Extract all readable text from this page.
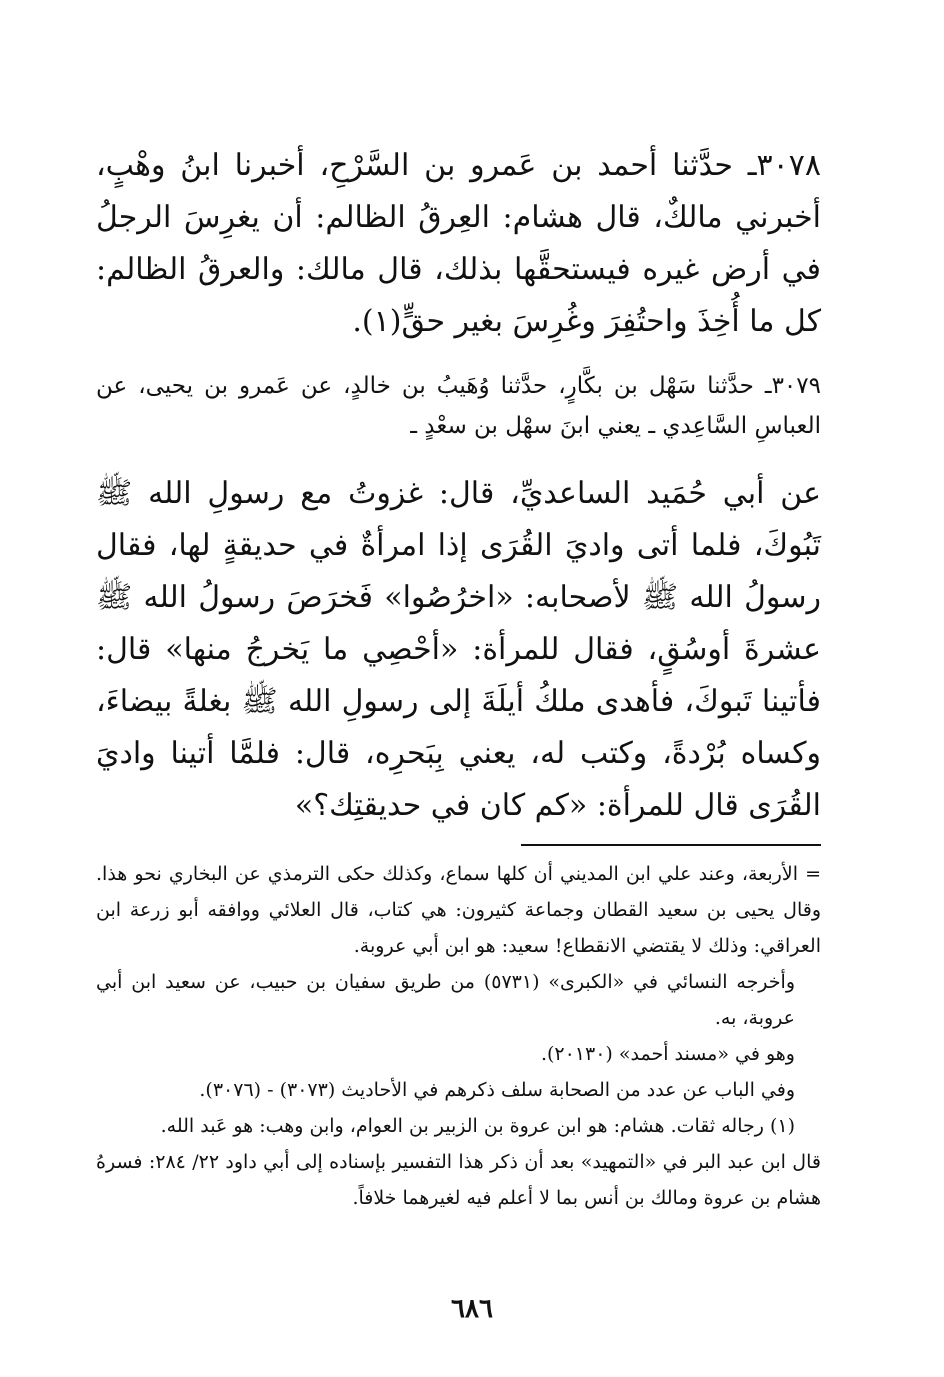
٣٠٧٨ـ حدَّثنا أحمد بن عَمرو بن السَّرْحِ، أخبرنا ابنُ وهْبٍ، أخبرني مالكٌ، قال هشام: العِرقُ الظالم: أن يغرِسَ الرجلُ في أرض غيره فيستحقَّها بذلك، قال مالك: والعرقُ الظالم: كل ما أُخِذَ واحتُفِرَ وغُرِسَ بغير حقٍّ(١).

٣٠٧٩ـ حدَّثنا سَهْل بن بكَّارٍ، حدَّثنا وُهَيبُ بن خالدٍ، عن عَمرو بن يحيى، عن العباسِ السَّاعِدي ـ يعني ابنَ سهْل بن سعْدٍ ـ

عن أبي حُمَيد الساعديِّ، قال: غزوتُ مع رسولِ الله ﷺ تَبُوكَ، فلما أتى واديَ القُرَى إذا امرأةٌ في حديقةٍ لها، فقال رسولُ الله ﷺ لأصحابه: «اخرُصُوا» فَخرَصَ رسولُ الله ﷺ عشرةَ أوسُقٍ، فقال للمرأة: «أحْصِي ما يَخرجُ منها» قال: فأتينا تَبوكَ، فأهدى ملكُ أيلَةَ إلى رسولِ الله ﷺ بغلةً بيضاءَ، وكساه بُرْدةً، وكتب له، يعني بِبَحرِه، قال: فلمَّا أتينا واديَ القُرَى قال للمرأة: «كم كان في حديقتِك؟»

= الأربعة، وعند علي ابن المديني أن كلها سماع، وكذلك حكى الترمذي عن البخاري نحو هذا. وقال يحيى بن سعيد القطان وجماعة كثيرون: هي كتاب، قال العلائي ووافقه أبو زرعة ابن العراقي: وذلك لا يقتضي الانقطاع! سعيد: هو ابن أبي عروبة.

وأخرجه النسائي في «الكبرى» (٥٧٣١) من طريق سفيان بن حبيب، عن سعيد ابن أبي عروبة، به.

وهو في «مسند أحمد» (٢٠١٣٠).

وفي الباب عن عدد من الصحابة سلف ذكرهم في الأحاديث (٣٠٧٣) - (٣٠٧٦).

(١) رجاله ثقات. هشام: هو ابن عروة بن الزبير بن العوام، وابن وهب: هو عَبد الله.

قال ابن عبد البر في «التمهيد» بعد أن ذكر هذا التفسير بإسناده إلى أبي داود ٢٢/ ٢٨٤: فسرهُ هشام بن عروة ومالك بن أنس بما لا أعلم فيه لغيرهما خلافاً.

٦٨٦
